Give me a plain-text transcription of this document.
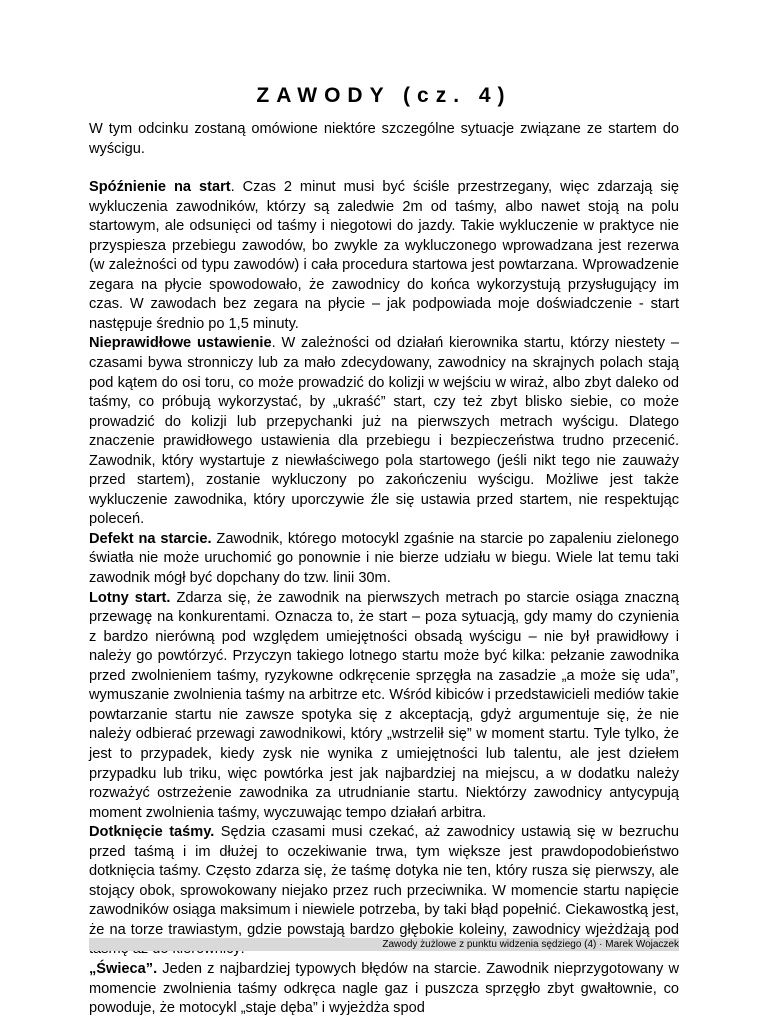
ZAWODY (cz. 4)

W tym odcinku zostaną omówione niektóre szczególne sytuacje związane ze startem do wyścigu.

Spóźnienie na start. Czas 2 minut musi być ściśle przestrzegany, więc zdarzają się wykluczenia zawodników, którzy są zaledwie 2m od taśmy, albo nawet stoją na polu startowym, ale odsunięci od taśmy i niegotowi do jazdy. Takie wykluczenie w praktyce nie przyspiesza przebiegu zawodów, bo zwykle za wykluczonego wprowadzana jest rezerwa (w zależności od typu zawodów) i cała procedura startowa jest powtarzana. Wprowadzenie zegara na płycie spowodowało, że zawodnicy do końca wykorzystują przysługujący im czas. W zawodach bez zegara na płycie – jak podpowiada moje doświadczenie - start następuje średnio po 1,5 minuty.

Nieprawidłowe ustawienie. W zależności od działań kierownika startu, którzy niestety – czasami bywa stronniczy lub za mało zdecydowany, zawodnicy na skrajnych polach stają pod kątem do osi toru, co może prowadzić do kolizji w wejściu w wiraż, albo zbyt daleko od taśmy, co próbują wykorzystać, by „ukraść” start, czy też zbyt blisko siebie, co może prowadzić do kolizji lub przepychanki już na pierwszych metrach wyścigu. Dlatego znaczenie prawidłowego ustawienia dla przebiegu i bezpieczeństwa trudno przecenić. Zawodnik, który wystartuje z niewłaściwego pola startowego (jeśli nikt tego nie zauważy przed startem), zostanie wykluczony po zakończeniu wyścigu. Możliwe jest także wykluczenie zawodnika, który uporczywie źle się ustawia przed startem, nie respektując poleceń.

Defekt na starcie. Zawodnik, którego motocykl zgaśnie na starcie po zapaleniu zielonego światła nie może uruchomić go ponownie i nie bierze udziału w biegu. Wiele lat temu taki zawodnik mógł być dopchany do tzw. linii 30m.

Lotny start. Zdarza się, że zawodnik na pierwszych metrach po starcie osiąga znaczną przewagę na konkurentami. Oznacza to, że start – poza sytuacją, gdy mamy do czynienia z bardzo nierówną pod względem umiejętności obsadą wyścigu – nie był prawidłowy i należy go powtórzyć. Przyczyn takiego lotnego startu może być kilka: pełzanie zawodnika przed zwolnieniem taśmy, ryzykowne odkręcenie sprzęgła na zasadzie „a może się uda”, wymuszanie zwolnienia taśmy na arbitrze etc. Wśród kibiców i przedstawicieli mediów takie powtarzanie startu nie zawsze spotyka się z akceptacją, gdyż argumentuje się, że nie należy odbierać przewagi zawodnikowi, który „wstrzelił się” w moment startu. Tyle tylko, że jest to przypadek, kiedy zysk nie wynika z umiejętności lub talentu, ale jest dziełem przypadku lub triku, więc powtórka jest jak najbardziej na miejscu, a w dodatku należy rozważyć ostrzeżenie zawodnika za utrudnianie startu. Niektórzy zawodnicy antycypują moment zwolnienia taśmy, wyczuwając tempo działań arbitra.

Dotknięcie taśmy. Sędzia czasami musi czekać, aż zawodnicy ustawią się w bezruchu przed taśmą i im dłużej to oczekiwanie trwa, tym większe jest prawdopodobieństwo dotknięcia taśmy. Często zdarza się, że taśmę dotyka nie ten, który rusza się pierwszy, ale stojący obok, sprowokowany niejako przez ruch przeciwnika. W momencie startu napięcie zawodników osiąga maksimum i niewiele potrzeba, by taki błąd popełnić. Ciekawostką jest, że na torze trawiastym, gdzie powstają bardzo głębokie koleiny, zawodnicy wjeżdżają pod

„Świeca”. Jeden z najbardziej typowych błędów na starcie. Zawodnik nieprzygotowany w momencie zwolnienia taśmy odkręca nagle gaz i puszcza sprzęgło zbyt gwałtownie, co powoduje, że motocykl „staje dęba” i wyjeżdża spod

Zawody żużlowe z punktu widzenia sędziego (4) · Marek Wojaczek
